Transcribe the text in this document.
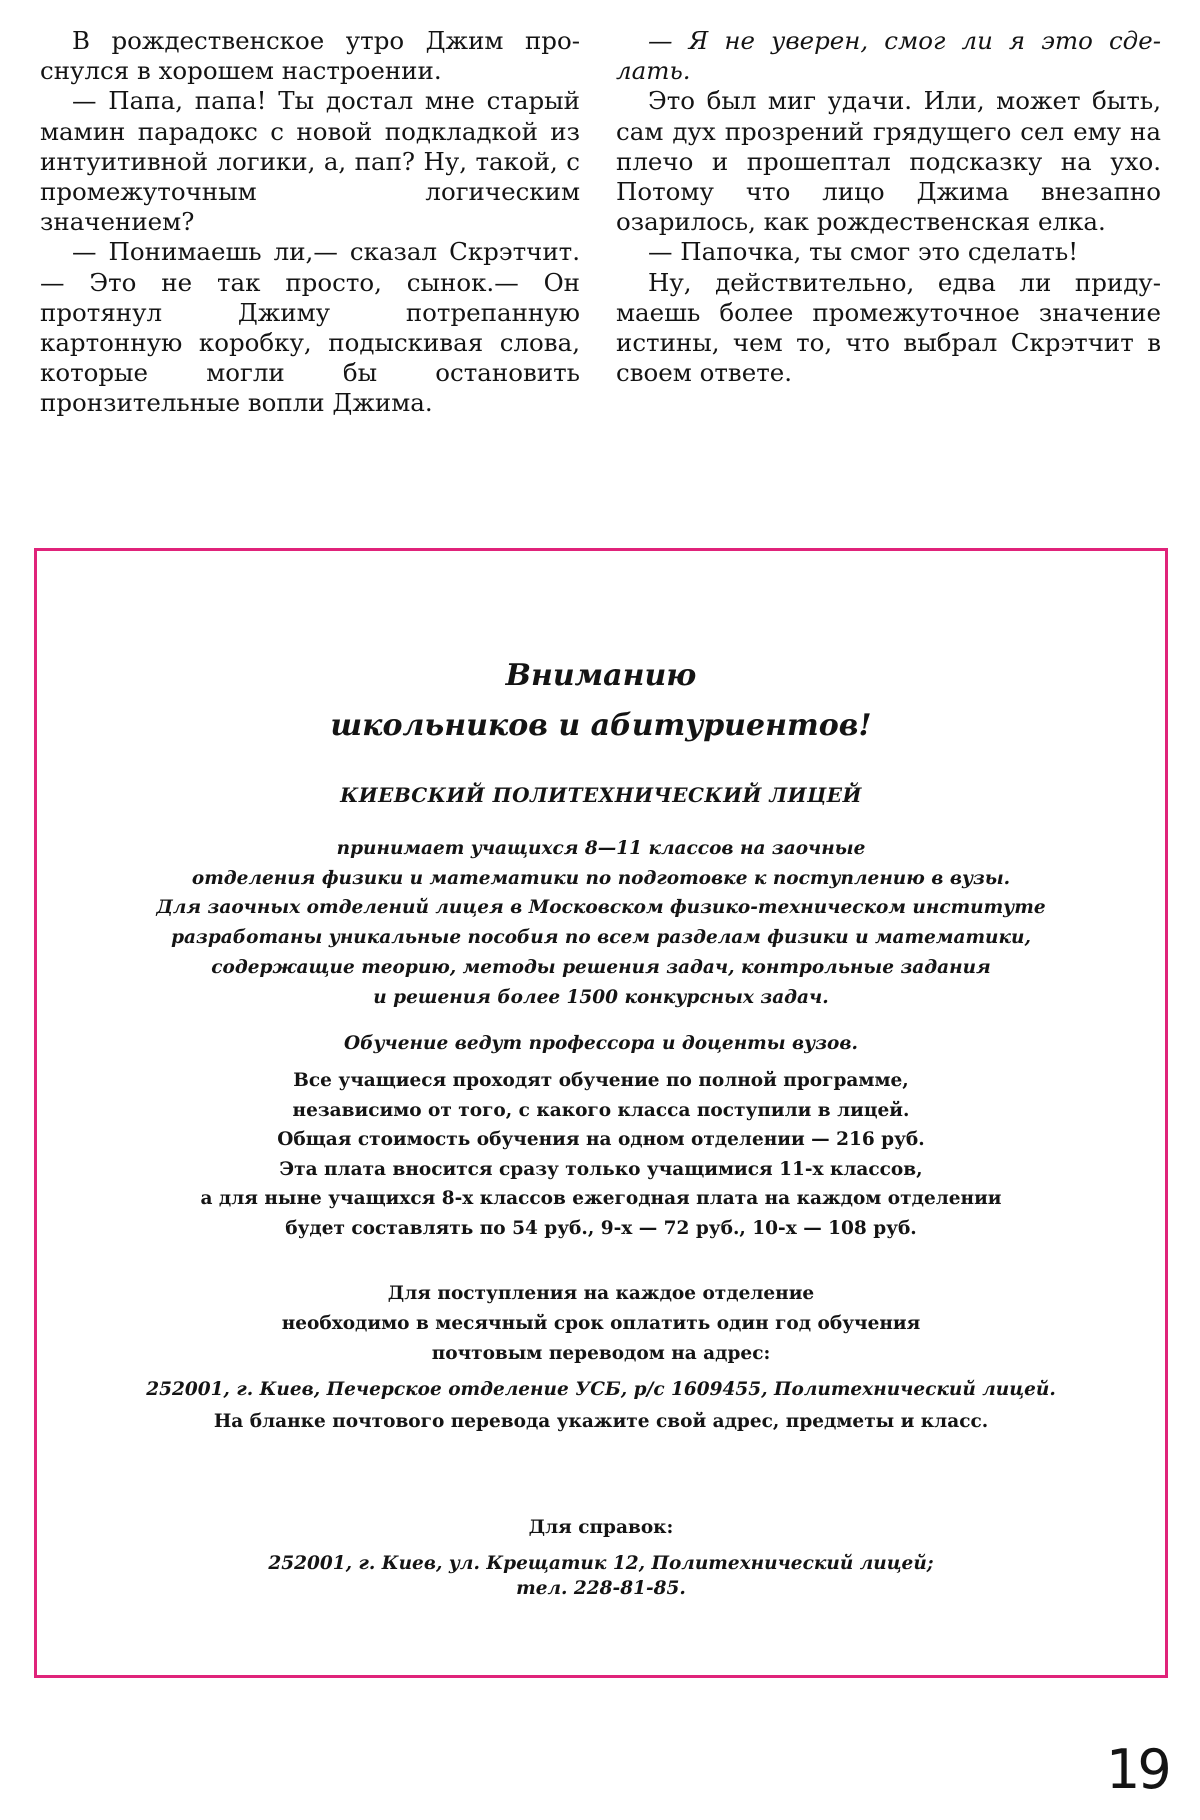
В рождественское утро Джим проснулся в хорошем настроении.

— Папа, папа! Ты достал мне старый мамин парадокс с новой подкладкой из интуитивной логики, а, пап? Ну, такой, с промежуточным логическим значением?

— Понимаешь ли,— сказал Скрэтчит.— Это не так просто, сынок.— Он протянул Джиму потрепанную картонную коробку, подыскивая слова, которые могли бы остановить пронзительные вопли Джима.

— Я не уверен, смог ли я это сделать.

Это был миг удачи. Или, может быть, сам дух прозрений грядущего сел ему на плечо и прошептал подсказку на ухо. Потому что лицо Джима внезапно озарилось, как рождественская елка.

— Папочка, ты смог это сделать!

Ну, действительно, едва ли придумаешь более промежуточное значение истины, чем то, что выбрал Скрэтчит в своем ответе.

Вниманию
школьников и абитуриентов!
КИЕВСКИЙ ПОЛИТЕХНИЧЕСКИЙ ЛИЦЕЙ
принимает учащихся 8—11 классов на заочные
отделения физики и математики по подготовке к поступлению в вузы.
Для заочных отделений лицея в Московском физико-техническом институте
разработаны уникальные пособия по всем разделам физики и математики,
содержащие теорию, методы решения задач, контрольные задания
и решения более 1500 конкурсных задач.
Обучение ведут профессора и доценты вузов.
Все учащиеся проходят обучение по полной программе,
независимо от того, с какого класса поступили в лицей.
Общая стоимость обучения на одном отделении — 216 руб.
Эта плата вносится сразу только учащимися 11-х классов,
а для ныне учащихся 8-х классов ежегодная плата на каждом отделении
будет составлять по 54 руб., 9-х — 72 руб., 10-х — 108 руб.
Для поступления на каждое отделение
необходимо в месячный срок оплатить один год обучения
почтовым переводом на адрес:
252001, г. Киев, Печерское отделение УСБ, р/с 1609455, Политехнический лицей.
На бланке почтового перевода укажите свой адрес, предметы и класс.
Для справок:
252001, г. Киев, ул. Крещатик 12, Политехнический лицей;
тел. 228-81-85.
19
